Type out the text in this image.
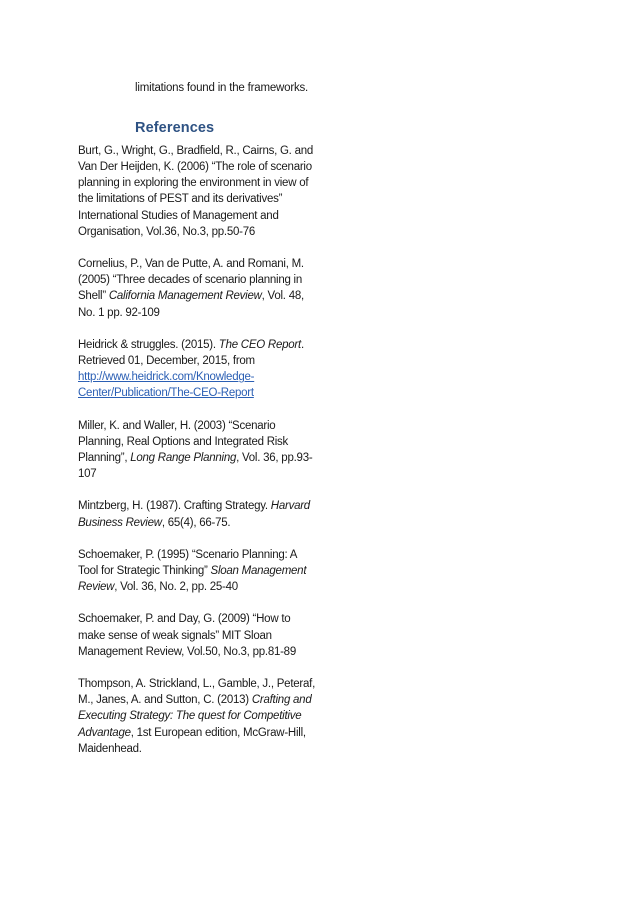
limitations found in the frameworks.
References

Burt, G., Wright, G., Bradfield, R., Cairns, G. and Van Der Heijden, K. (2006) “The role of scenario planning in exploring the environment in view of the limitations of PEST and its derivatives” International Studies of Management and Organisation, Vol.36, No.3, pp.50-76

Cornelius, P., Van de Putte, A. and Romani, M. (2005) “Three decades of scenario planning in Shell” California Management Review, Vol. 48, No. 1 pp. 92-109

Heidrick & struggles. (2015). The CEO Report. Retrieved 01, December, 2015, from http://www.heidrick.com/Knowledge-Center/Publication/The-CEO-Report

Miller, K. and Waller, H. (2003) “Scenario Planning, Real Options and Integrated Risk Planning”, Long Range Planning, Vol. 36, pp.93-107

Mintzberg, H. (1987). Crafting Strategy. Harvard Business Review, 65(4), 66-75.

Schoemaker, P. (1995) “Scenario Planning: A Tool for Strategic Thinking” Sloan Management Review, Vol. 36, No. 2, pp. 25-40

Schoemaker, P. and Day, G. (2009) “How to make sense of weak signals” MIT Sloan Management Review, Vol.50, No.3, pp.81-89

Thompson, A. Strickland, L., Gamble, J., Peteraf, M., Janes, A. and Sutton, C. (2013) Crafting and Executing Strategy: The quest for Competitive Advantage, 1st European edition, McGraw-Hill, Maidenhead.
